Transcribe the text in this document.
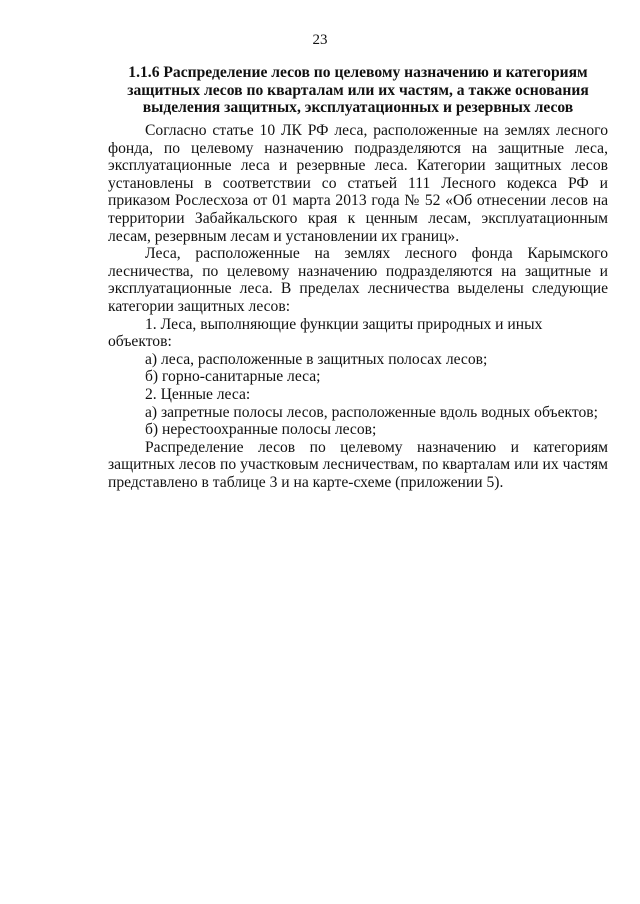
23
1.1.6 Распределение лесов по целевому назначению и категориям защитных лесов по кварталам или их частям, а также основания выделения защитных, эксплуатационных и резервных лесов

Согласно статье 10 ЛК РФ леса, расположенные на землях лесного фонда, по целевому назначению подразделяются на защитные леса, эксплуатационные леса и резервные леса. Категории защитных лесов установлены в соответствии со статьей 111 Лесного кодекса РФ и приказом Рослесхоза от 01 марта 2013 года № 52 «Об отнесении лесов на территории Забайкальского края к ценным лесам, эксплуатационным лесам, резервным лесам и установлении их границ».

Леса, расположенные на землях лесного фонда Карымского лесничества, по целевому назначению подразделяются на защитные и эксплуатационные леса. В пределах лесничества выделены следующие категории защитных лесов:

1. Леса, выполняющие функции защиты природных и иных объектов:

а) леса, расположенные в защитных полосах лесов;

б) горно-санитарные леса;

2. Ценные леса:

а) запретные полосы лесов, расположенные вдоль водных объектов;

б) нерестоохранные полосы лесов;

Распределение лесов по целевому назначению и категориям защитных лесов по участковым лесничествам, по кварталам или их частям представлено в таблице 3 и на карте-схеме (приложении 5).
